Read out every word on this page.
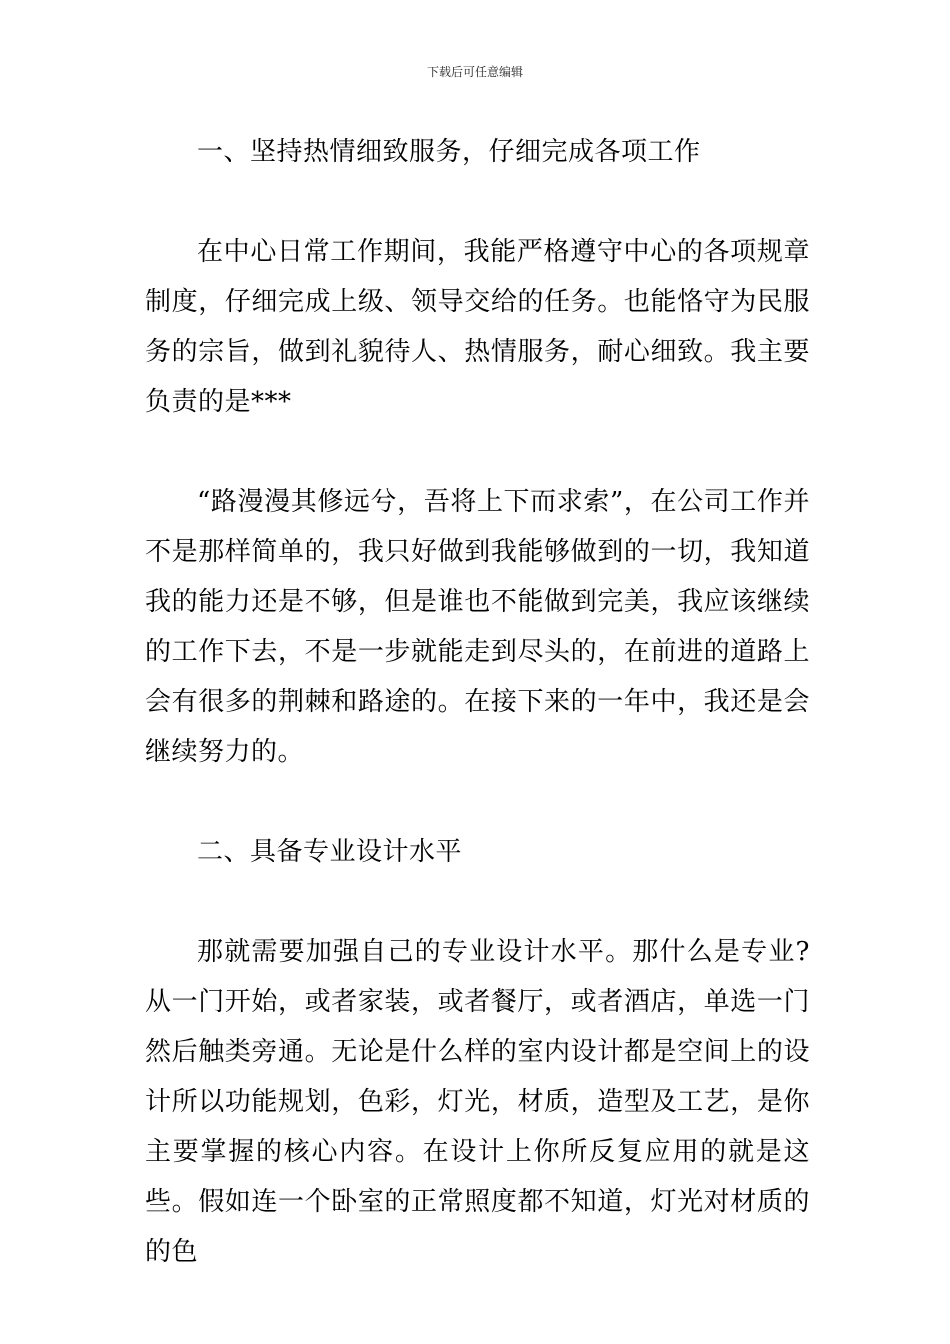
下载后可任意编辑

一、坚持热情细致服务，仔细完成各项工作

在中心日常工作期间，我能严格遵守中心的各项规章制度，仔细完成上级、领导交给的任务。也能恪守为民服务的宗旨，做到礼貌待人、热情服务，耐心细致。我主要负责的是***

“路漫漫其修远兮，吾将上下而求索”，在公司工作并不是那样简单的，我只好做到我能够做到的一切，我知道我的能力还是不够，但是谁也不能做到完美，我应该继续的工作下去，不是一步就能走到尽头的，在前进的道路上会有很多的荆棘和路途的。在接下来的一年中，我还是会继续努力的。

二、具备专业设计水平

那就需要加强自己的专业设计水平。那什么是专业?从一门开始，或者家装，或者餐厅，或者酒店，单选一门然后触类旁通。无论是什么样的室内设计都是空间上的设计所以功能规划，色彩，灯光，材质，造型及工艺，是你主要掌握的核心内容。在设计上你所反复应用的就是这些。假如连一个卧室的正常照度都不知道，灯光对材质的的色
